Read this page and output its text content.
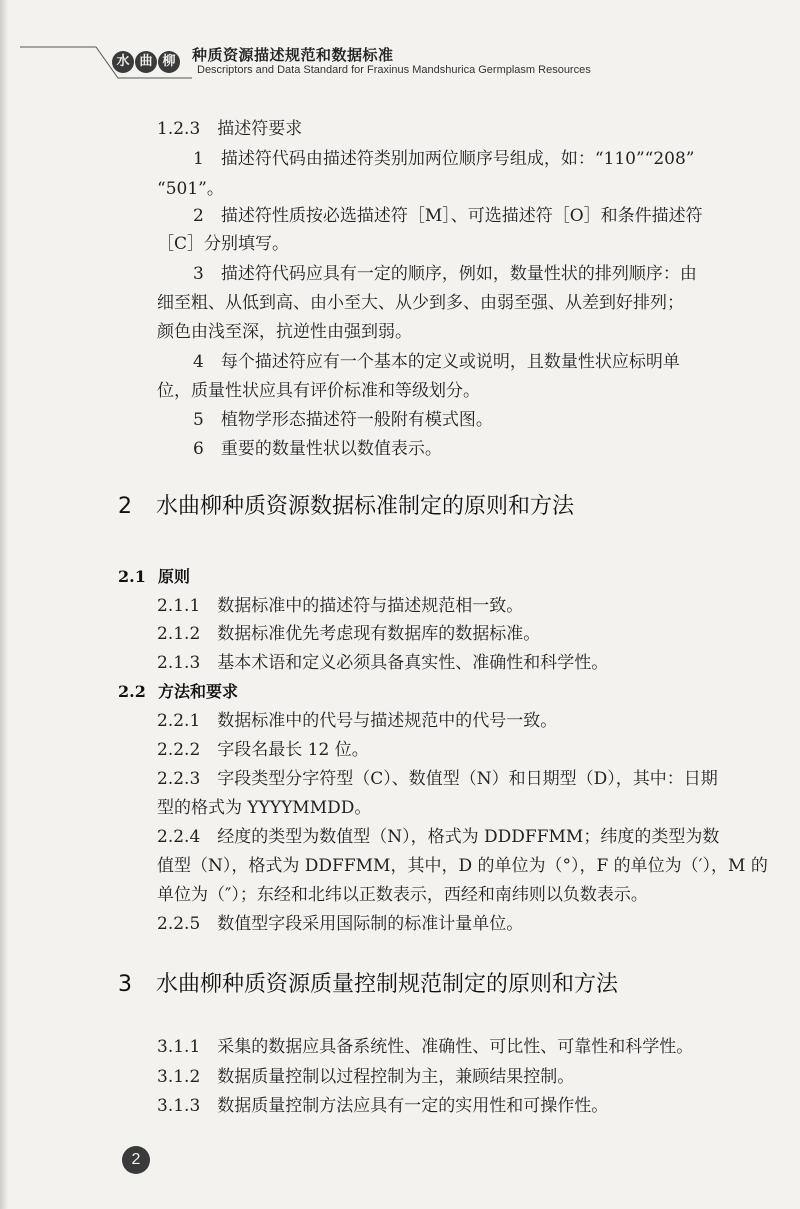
水 曲 柳	种质资源描述规范和数据标准
Descriptors and Data Standard for Fraxinus Mandshurica Germplasm Resources
1.2.3　描述符要求
1　描述符代码由描述符类别加两位顺序号组成，如：“110”“208”
“501”。
2　描述符性质按必选描述符［M］、可选描述符［O］和条件描述符
［C］分别填写。
3　描述符代码应具有一定的顺序，例如，数量性状的排列顺序：由
细至粗、从低到高、由小至大、从少到多、由弱至强、从差到好排列；
颜色由浅至深，抗逆性由强到弱。
4　每个描述符应有一个基本的定义或说明，且数量性状应标明单
位，质量性状应具有评价标准和等级划分。
5　植物学形态描述符一般附有模式图。
6　重要的数量性状以数值表示。
2 水曲柳种质资源数据标准制定的原则和方法
2.1 原则
2.1.1　数据标准中的描述符与描述规范相一致。
2.1.2　数据标准优先考虑现有数据库的数据标准。
2.1.3　基本术语和定义必须具备真实性、准确性和科学性。
2.2 方法和要求
2.2.1　数据标准中的代号与描述规范中的代号一致。
2.2.2　字段名最长 12 位。
2.2.3　字段类型分字符型（C）、数值型（N）和日期型（D），其中：日期
型的格式为 YYYYMMDD。
2.2.4　经度的类型为数值型（N），格式为 DDDFFMM；纬度的类型为数
值型（N），格式为 DDFFMM，其中，D 的单位为（°），F 的单位为（′），M 的
单位为（″）；东经和北纬以正数表示，西经和南纬则以负数表示。
2.2.5　数值型字段采用国际制的标准计量单位。
3 水曲柳种质资源质量控制规范制定的原则和方法
3.1.1　采集的数据应具备系统性、准确性、可比性、可靠性和科学性。
3.1.2　数据质量控制以过程控制为主，兼顾结果控制。
3.1.3　数据质量控制方法应具有一定的实用性和可操作性。
2
